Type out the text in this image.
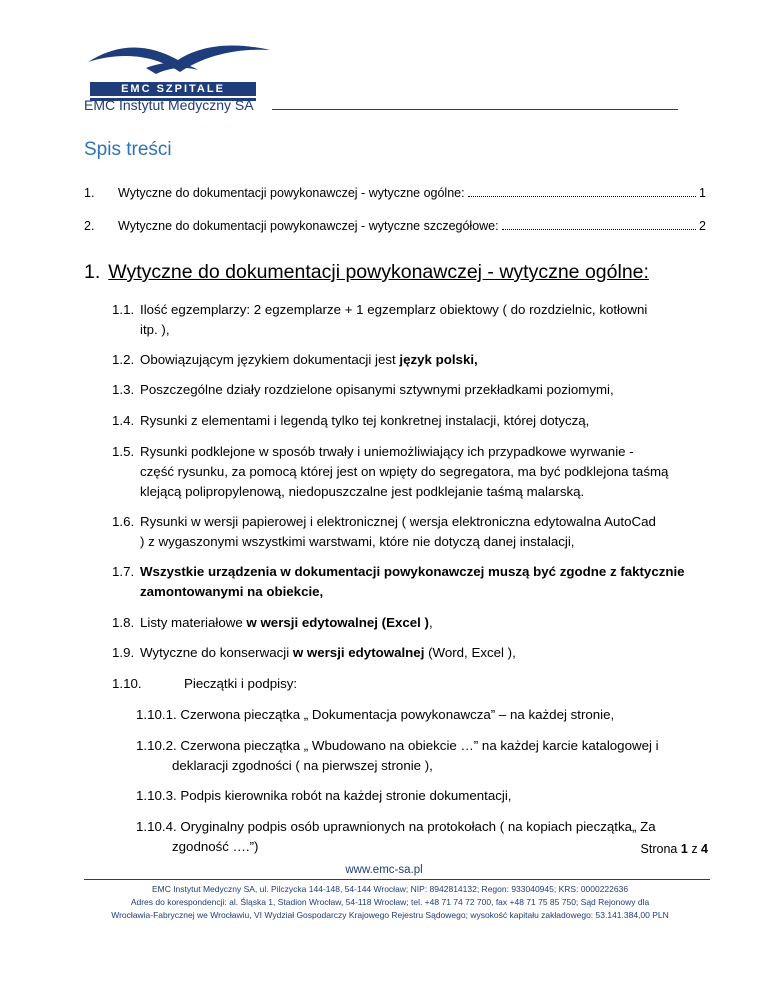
EMC SZPITALE
EMC Instytut Medyczny SA
Spis treści
1.	Wytyczne do dokumentacji powykonawczej - wytyczne ogólne:	1
2.	Wytyczne do dokumentacji powykonawczej - wytyczne szczegółowe:	2
1. Wytyczne do dokumentacji powykonawczej - wytyczne ogólne:
1.1. Ilość egzemplarzy: 2 egzemplarze + 1 egzemplarz obiektowy ( do rozdzielnic, kotłowni
itp. ),
1.2. Obowiązującym językiem dokumentacji jest język polski,
1.3. Poszczególne działy rozdzielone opisanymi sztywnymi przekładkami poziomymi,
1.4. Rysunki z elementami i legendą tylko tej konkretnej instalacji, której dotyczą,
1.5. Rysunki podklejone w sposób trwały i uniemożliwiający ich przypadkowe wyrwanie -
część rysunku, za pomocą której jest on wpięty do segregatora, ma być podklejona taśmą
klejącą polipropylenową, niedopuszczalne jest podklejanie taśmą malarską.
1.6. Rysunki w wersji papierowej i elektronicznej ( wersja elektroniczna edytowalna AutoCad
) z wygaszonymi wszystkimi warstwami, które nie dotyczą danej instalacji,
1.7. Wszystkie urządzenia w dokumentacji powykonawczej muszą być zgodne z faktycznie
zamontowanymi na obiekcie,
1.8. Listy materiałowe w wersji edytowalnej (Excel ),
1.9. Wytyczne do konserwacji w wersji edytowalnej (Word, Excel ),
1.10.	Pieczątki i podpisy:
1.10.1. Czerwona pieczątka „ Dokumentacja powykonawcza” – na każdej stronie,
1.10.2. Czerwona pieczątka „ Wbudowano na obiekcie …” na każdej karcie katalogowej i
deklaracji zgodności ( na pierwszej stronie ),
1.10.3. Podpis kierownika robót na każdej stronie dokumentacji,
1.10.4. Oryginalny podpis osób uprawnionych na protokołach ( na kopiach pieczątka„ Za
zgodność ….”)	Strona 1 z 4
www.emc-sa.pl
EMC Instytut Medyczny SA, ul. Pilczycka 144-148, 54-144 Wrocław; NIP: 8942814132; Regon: 933040945; KRS: 0000222636
Adres do korespondencji: al. Śląska 1, Stadion Wrocław, 54-118 Wrocław; tel. +48 71 74 72 700, fax +48 71 75 85 750; Sąd Rejonowy dla
Wrocławia-Fabrycznej we Wrocławiu, VI Wydział Gospodarczy Krajowego Rejestru Sądowego; wysokość kapitału zakładowego: 53.141.384,00 PLN
